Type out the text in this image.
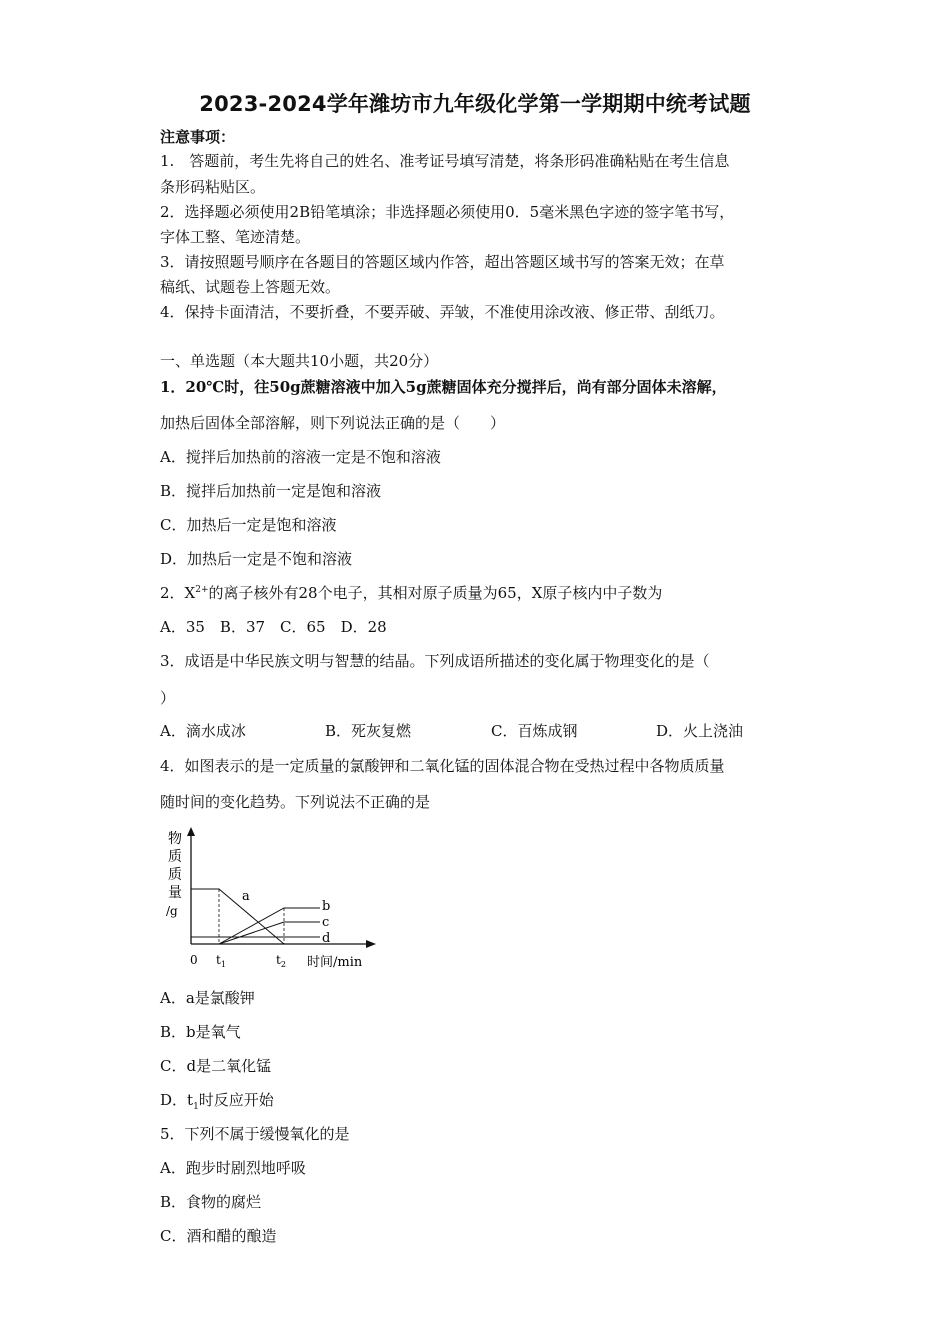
2023-2024学年潍坊市九年级化学第一学期期中统考试题
注意事项：
1.　答题前，考生先将自己的姓名、准考证号填写清楚，将条形码准确粘贴在考生信息
条形码粘贴区。
2．选择题必须使用2B铅笔填涂；非选择题必须使用0．5毫米黑色字迹的签字笔书写，
字体工整、笔迹清楚。
3．请按照题号顺序在各题目的答题区域内作答，超出答题区域书写的答案无效；在草
稿纸、试题卷上答题无效。
4．保持卡面清洁，不要折叠，不要弄破、弄皱，不准使用涂改液、修正带、刮纸刀。
一、单选题（本大题共10小题，共20分）
1．20℃时，往50g蔗糖溶液中加入5g蔗糖固体充分搅拌后，尚有部分固体未溶解，
加热后固体全部溶解，则下列说法正确的是（　　）
A．搅拌后加热前的溶液一定是不饱和溶液
B．搅拌后加热前一定是饱和溶液
C．加热后一定是饱和溶液
D．加热后一定是不饱和溶液
2．$X^{2+}$的离子核外有28个电子，其相对原子质量为65，X原子核内中子数为
A．35　B．37　C．65　D．28
3．成语是中华民族文明与智慧的结晶。下列成语所描述的变化属于物理变化的是（
）
A．滴水成冰	B．死灰复燃	C．百炼成钢	D．火上浇油
4．如图表示的是一定质量的氯酸钾和二氧化锰的固体混合物在受热过程中各物质质量
随时间的变化趋势。下列说法不正确的是
物
质
质
量
/g
a
b
c
d
0 $t_1$	$t_2$ 时间/min
A．a是氯酸钾
B．b是氧气
C．d是二氧化锰
D．$t_1$时反应开始
5．下列不属于缓慢氧化的是
A．跑步时剧烈地呼吸
B．食物的腐烂
C．酒和醋的酿造
